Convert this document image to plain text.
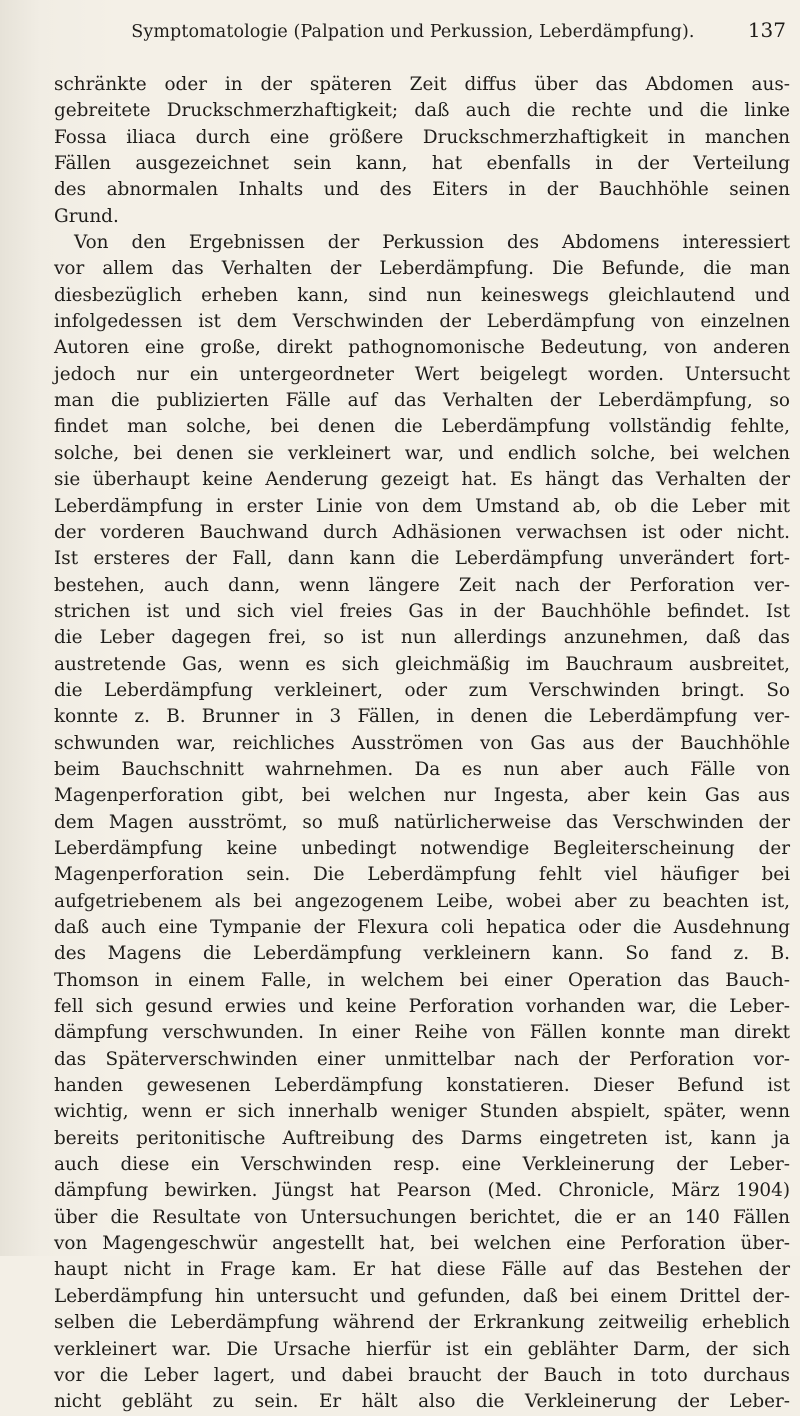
Symptomatologie (Palpation und Perkussion, Leberdämpfung).	137
schränkte oder in der späteren Zeit diffus über das Abdomen aus-
gebreitete Druckschmerzhaftigkeit; daß auch die rechte und die linke
Fossa iliaca durch eine größere Druckschmerzhaftigkeit in manchen
Fällen ausgezeichnet sein kann, hat ebenfalls in der Verteilung
des abnormalen Inhalts und des Eiters in der Bauchhöhle seinen
Grund.
Von den Ergebnissen der Perkussion des Abdomens interessiert
vor allem das Verhalten der Leberdämpfung. Die Befunde, die man
diesbezüglich erheben kann, sind nun keineswegs gleichlautend und
infolgedessen ist dem Verschwinden der Leberdämpfung von einzelnen
Autoren eine große, direkt pathognomonische Bedeutung, von anderen
jedoch nur ein untergeordneter Wert beigelegt worden. Untersucht
man die publizierten Fälle auf das Verhalten der Leberdämpfung, so
findet man solche, bei denen die Leberdämpfung vollständig fehlte,
solche, bei denen sie verkleinert war, und endlich solche, bei welchen
sie überhaupt keine Aenderung gezeigt hat. Es hängt das Verhalten der
Leberdämpfung in erster Linie von dem Umstand ab, ob die Leber mit
der vorderen Bauchwand durch Adhäsionen verwachsen ist oder nicht.
Ist ersteres der Fall, dann kann die Leberdämpfung unverändert fort-
bestehen, auch dann, wenn längere Zeit nach der Perforation ver-
strichen ist und sich viel freies Gas in der Bauchhöhle befindet. Ist
die Leber dagegen frei, so ist nun allerdings anzunehmen, daß das
austretende Gas, wenn es sich gleichmäßig im Bauchraum ausbreitet,
die Leberdämpfung verkleinert, oder zum Verschwinden bringt. So
konnte z. B. Brunner in 3 Fällen, in denen die Leberdämpfung ver-
schwunden war, reichliches Ausströmen von Gas aus der Bauchhöhle
beim Bauchschnitt wahrnehmen. Da es nun aber auch Fälle von
Magenperforation gibt, bei welchen nur Ingesta, aber kein Gas aus
dem Magen ausströmt, so muß natürlicherweise das Verschwinden der
Leberdämpfung keine unbedingt notwendige Begleiterscheinung der
Magenperforation sein. Die Leberdämpfung fehlt viel häufiger bei
aufgetriebenem als bei angezogenem Leibe, wobei aber zu beachten ist,
daß auch eine Tympanie der Flexura coli hepatica oder die Ausdehnung
des Magens die Leberdämpfung verkleinern kann. So fand z. B.
Thomson in einem Falle, in welchem bei einer Operation das Bauch-
fell sich gesund erwies und keine Perforation vorhanden war, die Leber-
dämpfung verschwunden. In einer Reihe von Fällen konnte man direkt
das Späterverschwinden einer unmittelbar nach der Perforation vor-
handen gewesenen Leberdämpfung konstatieren. Dieser Befund ist
wichtig, wenn er sich innerhalb weniger Stunden abspielt, später, wenn
bereits peritonitische Auftreibung des Darms eingetreten ist, kann ja
auch diese ein Verschwinden resp. eine Verkleinerung der Leber-
dämpfung bewirken. Jüngst hat Pearson (Med. Chronicle, März 1904)
über die Resultate von Untersuchungen berichtet, die er an 140 Fällen
von Magengeschwür angestellt hat, bei welchen eine Perforation über-
haupt nicht in Frage kam. Er hat diese Fälle auf das Bestehen der
Leberdämpfung hin untersucht und gefunden, daß bei einem Drittel der-
selben die Leberdämpfung während der Erkrankung zeitweilig erheblich
verkleinert war. Die Ursache hierfür ist ein geblähter Darm, der sich
vor die Leber lagert, und dabei braucht der Bauch in toto durchaus
nicht gebläht zu sein. Er hält also die Verkleinerung der Leber-
